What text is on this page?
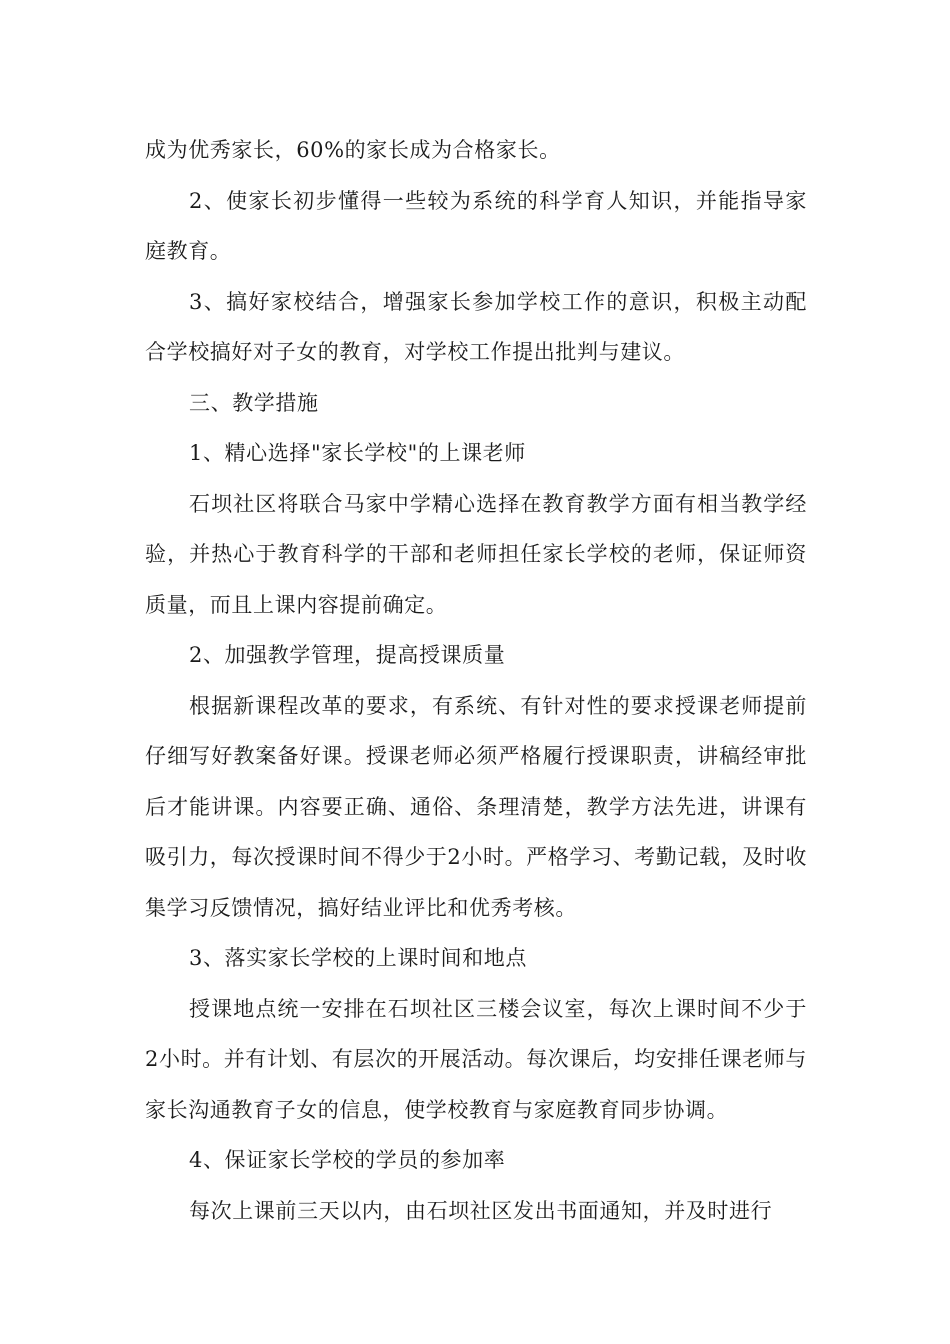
成为优秀家长，60%的家长成为合格家长。

2、使家长初步懂得一些较为系统的科学育人知识，并能指导家庭教育。

3、搞好家校结合，增强家长参加学校工作的意识，积极主动配合学校搞好对子女的教育，对学校工作提出批判与建议。

三、教学措施

1、精心选择"家长学校"的上课老师

石坝社区将联合马家中学精心选择在教育教学方面有相当教学经验，并热心于教育科学的干部和老师担任家长学校的老师，保证师资质量，而且上课内容提前确定。

2、加强教学管理，提高授课质量

根据新课程改革的要求，有系统、有针对性的要求授课老师提前仔细写好教案备好课。授课老师必须严格履行授课职责，讲稿经审批后才能讲课。内容要正确、通俗、条理清楚，教学方法先进，讲课有吸引力，每次授课时间不得少于2小时。严格学习、考勤记载，及时收集学习反馈情况，搞好结业评比和优秀考核。

3、落实家长学校的上课时间和地点

授课地点统一安排在石坝社区三楼会议室，每次上课时间不少于2小时。并有计划、有层次的开展活动。每次课后，均安排任课老师与家长沟通教育子女的信息，使学校教育与家庭教育同步协调。

4、保证家长学校的学员的参加率

每次上课前三天以内，由石坝社区发出书面通知，并及时进行
